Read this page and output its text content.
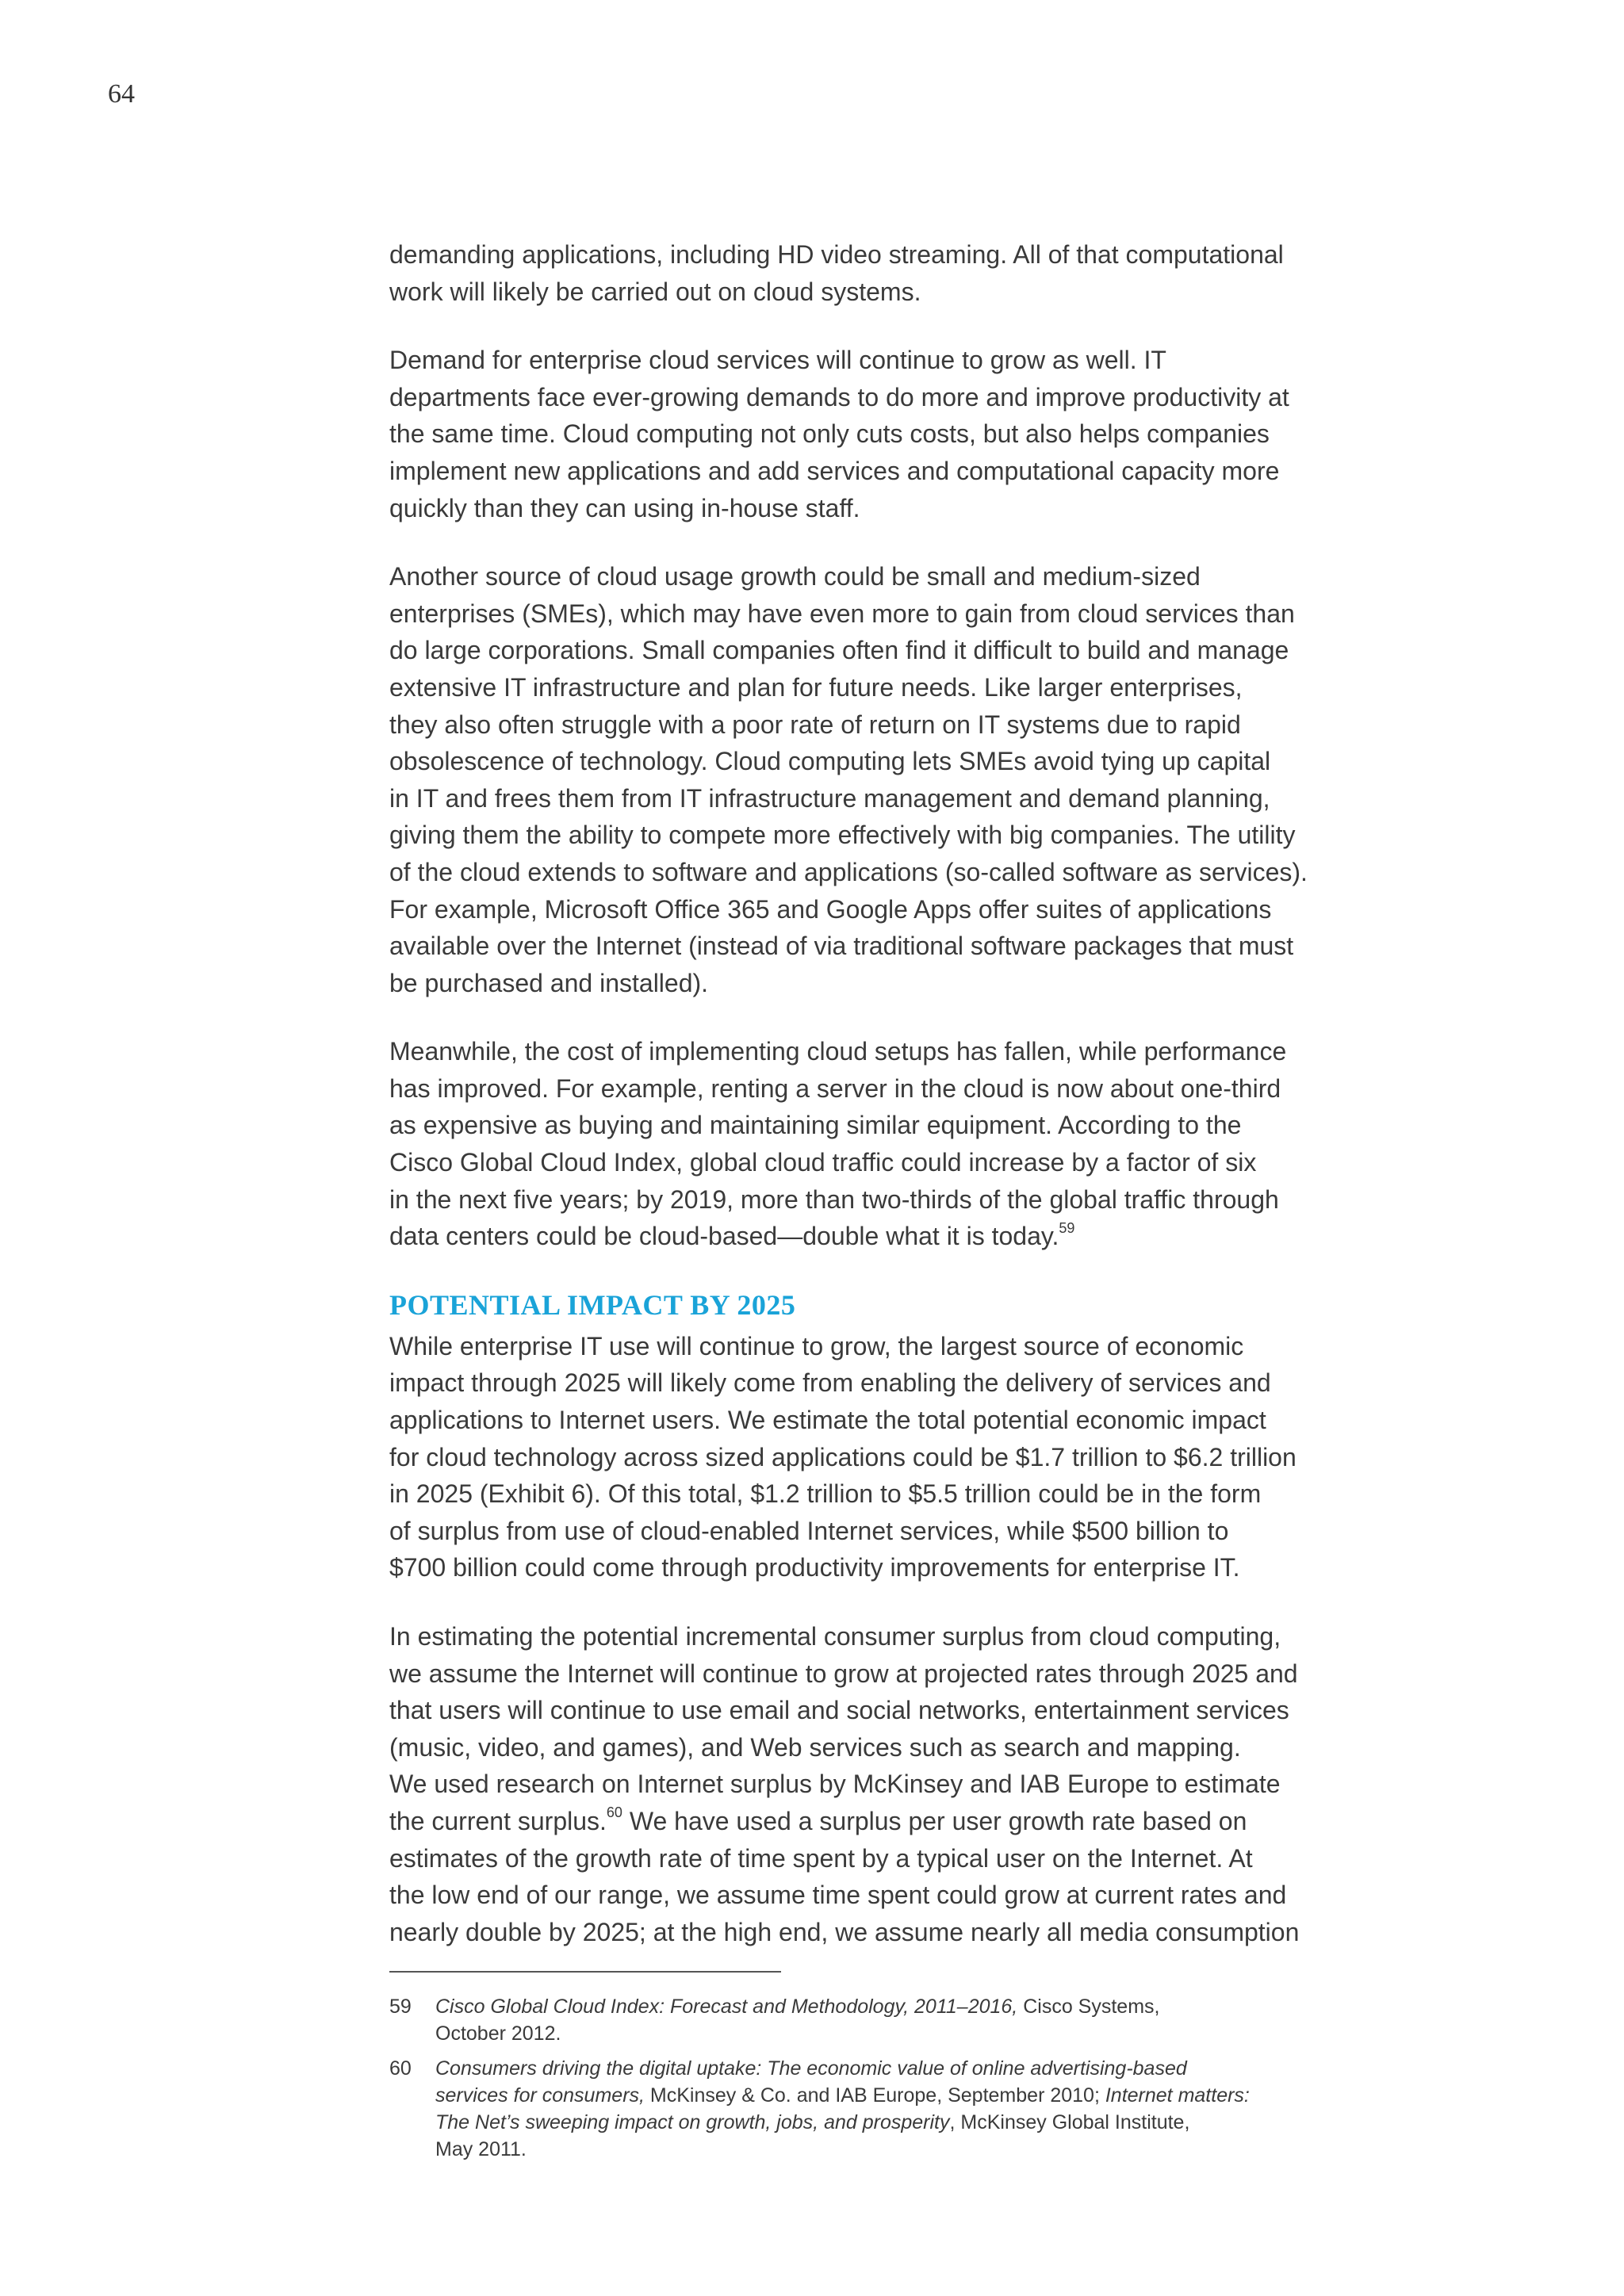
64

demanding applications, including HD video streaming. All of that computational
work will likely be carried out on cloud systems.

Demand for enterprise cloud services will continue to grow as well. IT
departments face ever-growing demands to do more and improve productivity at
the same time. Cloud computing not only cuts costs, but also helps companies
implement new applications and add services and computational capacity more
quickly than they can using in-house staff.

Another source of cloud usage growth could be small and medium-sized
enterprises (SMEs), which may have even more to gain from cloud services than
do large corporations. Small companies often find it difficult to build and manage
extensive IT infrastructure and plan for future needs. Like larger enterprises,
they also often struggle with a poor rate of return on IT systems due to rapid
obsolescence of technology. Cloud computing lets SMEs avoid tying up capital
in IT and frees them from IT infrastructure management and demand planning,
giving them the ability to compete more effectively with big companies. The utility
of the cloud extends to software and applications (so-called software as services).
For example, Microsoft Office 365 and Google Apps offer suites of applications
available over the Internet (instead of via traditional software packages that must
be purchased and installed).

Meanwhile, the cost of implementing cloud setups has fallen, while performance
has improved. For example, renting a server in the cloud is now about one-third
as expensive as buying and maintaining similar equipment. According to the
Cisco Global Cloud Index, global cloud traffic could increase by a factor of six
in the next five years; by 2019, more than two-thirds of the global traffic through
data centers could be cloud-based—double what it is today.$^{59}$

POTENTIAL IMPACT BY 2025

While enterprise IT use will continue to grow, the largest source of economic
impact through 2025 will likely come from enabling the delivery of services and
applications to Internet users. We estimate the total potential economic impact
for cloud technology across sized applications could be $1.7 trillion to $6.2 trillion
in 2025 (Exhibit 6). Of this total, $1.2 trillion to $5.5 trillion could be in the form
of surplus from use of cloud-enabled Internet services, while $500 billion to
$700 billion could come through productivity improvements for enterprise IT.

In estimating the potential incremental consumer surplus from cloud computing,
we assume the Internet will continue to grow at projected rates through 2025 and
that users will continue to use email and social networks, entertainment services
(music, video, and games), and Web services such as search and mapping.
We used research on Internet surplus by McKinsey and IAB Europe to estimate
the current surplus.$^{60}$ We have used a surplus per user growth rate based on
estimates of the growth rate of time spent by a typical user on the Internet. At
the low end of our range, we assume time spent could grow at current rates and
nearly double by 2025; at the high end, we assume nearly all media consumption

59	Cisco Global Cloud Index: Forecast and Methodology, 2011–2016, Cisco Systems,
October 2012.
60	Consumers driving the digital uptake: The economic value of online advertising-based
services for consumers, McKinsey & Co. and IAB Europe, September 2010; Internet matters:
The Net’s sweeping impact on growth, jobs, and prosperity, McKinsey Global Institute,
May 2011.
